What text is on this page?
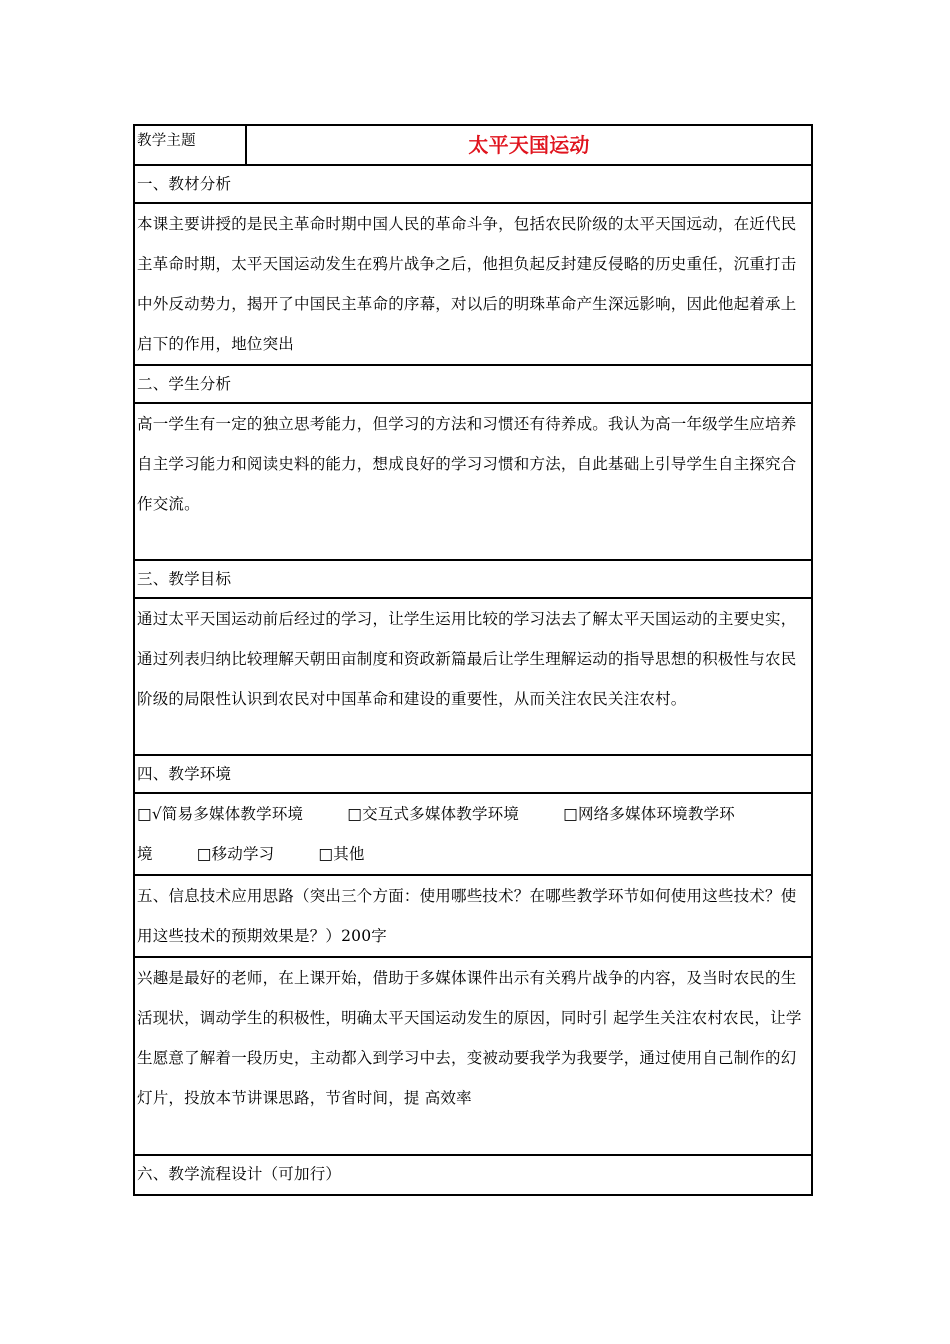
教学主题	太平天国运动
一、教材分析
本课主要讲授的是民主革命时期中国人民的革命斗争，包括农民阶级的太平天国远动，在近代民主革命时期，太平天国运动发生在鸦片战争之后，他担负起反封建反侵略的历史重任，沉重打击中外反动势力，揭开了中国民主革命的序幕，对以后的明珠革命产生深远影响，因此他起着承上启下的作用，地位突出
二、学生分析
高一学生有一定的独立思考能力，但学习的方法和习惯还有待养成。我认为高一年级学生应培养自主学习能力和阅读史料的能力，想成良好的学习习惯和方法，自此基础上引导学生自主探究合作交流。
三、教学目标
通过太平天国运动前后经过的学习，让学生运用比较的学习法去了解太平天国运动的主要史实，通过列表归纳比较理解天朝田亩制度和资政新篇最后让学生理解运动的指导思想的积极性与农民阶级的局限性认识到农民对中国革命和建设的重要性，从而关注农民关注农村。
四、教学环境

□√简易多媒体教学环境	□交互式多媒体教学环境	□网络多媒体环境教学环
境	□移动学习	□其他

五、信息技术应用思路（突出三个方面：使用哪些技术？在哪些教学环节如何使用这些技术？使用这些技术的预期效果是？）200字
兴趣是最好的老师，在上课开始，借助于多媒体课件出示有关鸦片战争的内容，及当时农民的生活现状，调动学生的积极性，明确太平天国运动发生的原因，同时引 起学生关注农村农民，让学生愿意了解着一段历史，主动都入到学习中去，变被动要我学为我要学，通过使用自己制作的幻灯片，投放本节讲课思路，节省时间，提 高效率
六、教学流程设计（可加行）
